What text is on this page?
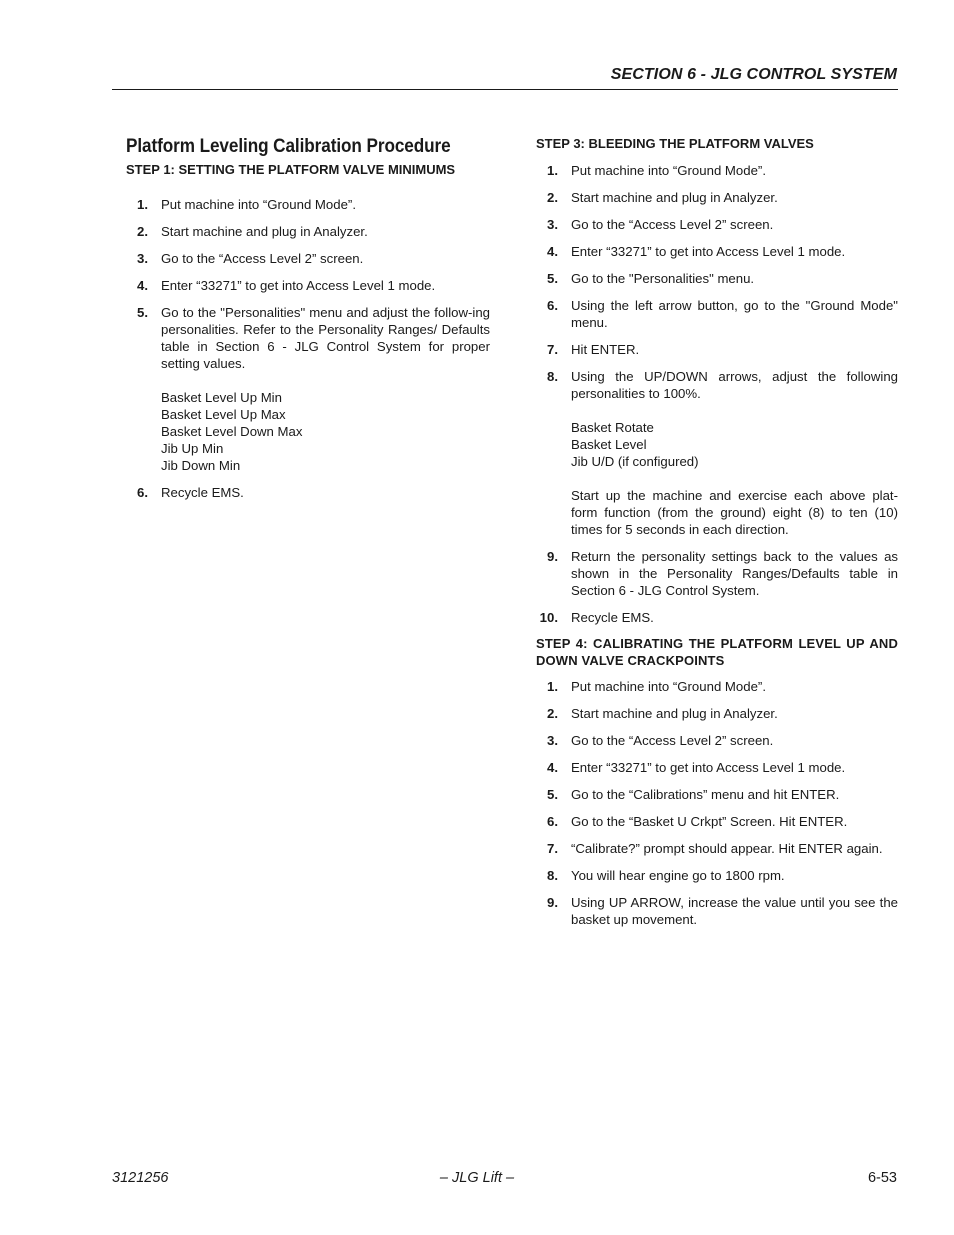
SECTION 6 - JLG CONTROL SYSTEM
Platform Leveling Calibration Procedure
STEP 1: SETTING THE PLATFORM VALVE MINIMUMS
1. Put machine into “Ground Mode”.
2. Start machine and plug in Analyzer.
3. Go to the “Access Level 2” screen.
4. Enter “33271” to get into Access Level 1 mode.
5. Go to the "Personalities" menu and adjust the follow-ing personalities. Refer to the Personality Ranges/ Defaults table in Section 6 - JLG Control System for proper setting values.
Basket Level Up Min
Basket Level Up Max
Basket Level Down Max
Jib Up Min
Jib Down Min
6. Recycle EMS.
STEP 3: BLEEDING THE PLATFORM VALVES
1. Put machine into “Ground Mode”.
2. Start machine and plug in Analyzer.
3. Go to the “Access Level 2” screen.
4. Enter “33271” to get into Access Level 1 mode.
5. Go to the "Personalities" menu.
6. Using the left arrow button, go to the "Ground Mode" menu.
7. Hit ENTER.
8. Using the UP/DOWN arrows, adjust the following personalities to 100%.
Basket Rotate
Basket Level
Jib U/D (if configured)
Start up the machine and exercise each above plat-form function (from the ground) eight (8) to ten (10) times for 5 seconds in each direction.
9. Return the personality settings back to the values as shown in the Personality Ranges/Defaults table in Section 6 - JLG Control System.
10. Recycle EMS.
STEP 4: CALIBRATING THE PLATFORM LEVEL UP AND DOWN VALVE CRACKPOINTS
1. Put machine into “Ground Mode”.
2. Start machine and plug in Analyzer.
3. Go to the “Access Level 2” screen.
4. Enter “33271” to get into Access Level 1 mode.
5. Go to the “Calibrations” menu and hit ENTER.
6. Go to the “Basket U Crkpt” Screen. Hit ENTER.
7. “Calibrate?” prompt should appear. Hit ENTER again.
8. You will hear engine go to 1800 rpm.
9. Using UP ARROW, increase the value until you see the basket up movement.
3121256	– JLG Lift –	6-53
